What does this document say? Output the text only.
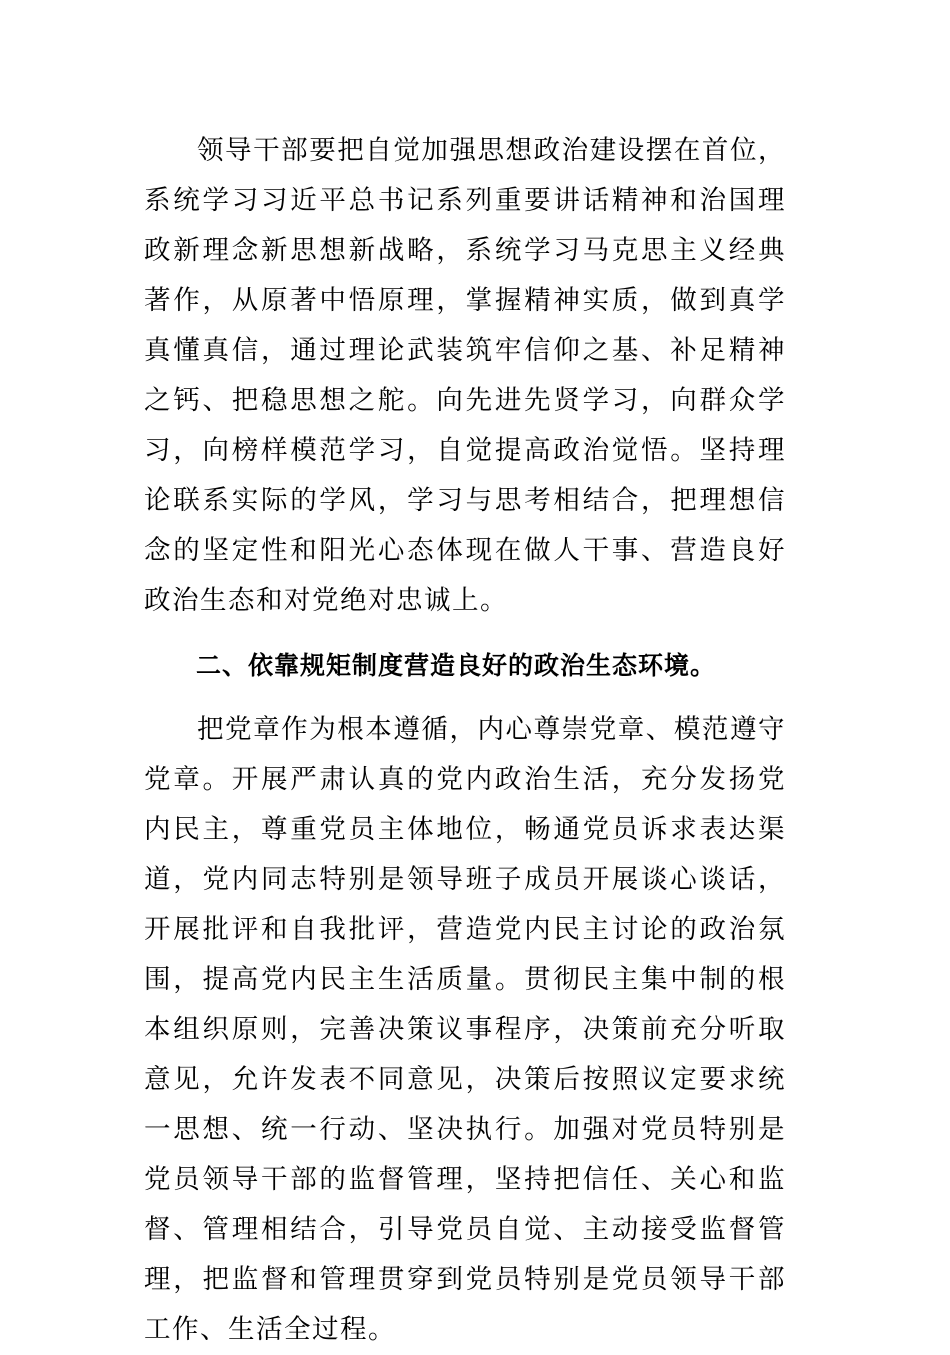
领导干部要把自觉加强思想政治建设摆在首位，系统学习习近平总书记系列重要讲话精神和治国理政新理念新思想新战略，系统学习马克思主义经典著作，从原著中悟原理，掌握精神实质，做到真学真懂真信，通过理论武装筑牢信仰之基、补足精神之钙、把稳思想之舵。向先进先贤学习，向群众学习，向榜样模范学习，自觉提高政治觉悟。坚持理论联系实际的学风，学习与思考相结合，把理想信念的坚定性和阳光心态体现在做人干事、营造良好政治生态和对党绝对忠诚上。

二、依靠规矩制度营造良好的政治生态环境。

把党章作为根本遵循，内心尊崇党章、模范遵守党章。开展严肃认真的党内政治生活，充分发扬党内民主，尊重党员主体地位，畅通党员诉求表达渠道，党内同志特别是领导班子成员开展谈心谈话，开展批评和自我批评，营造党内民主讨论的政治氛围，提高党内民主生活质量。贯彻民主集中制的根本组织原则，完善决策议事程序，决策前充分听取意见，允许发表不同意见，决策后按照议定要求统一思想、统一行动、坚决执行。加强对党员特别是党员领导干部的监督管理，坚持把信任、关心和监督、管理相结合，引导党员自觉、主动接受监督管理，把监督和管理贯穿到党员特别是党员领导干部工作、生活全过程。
